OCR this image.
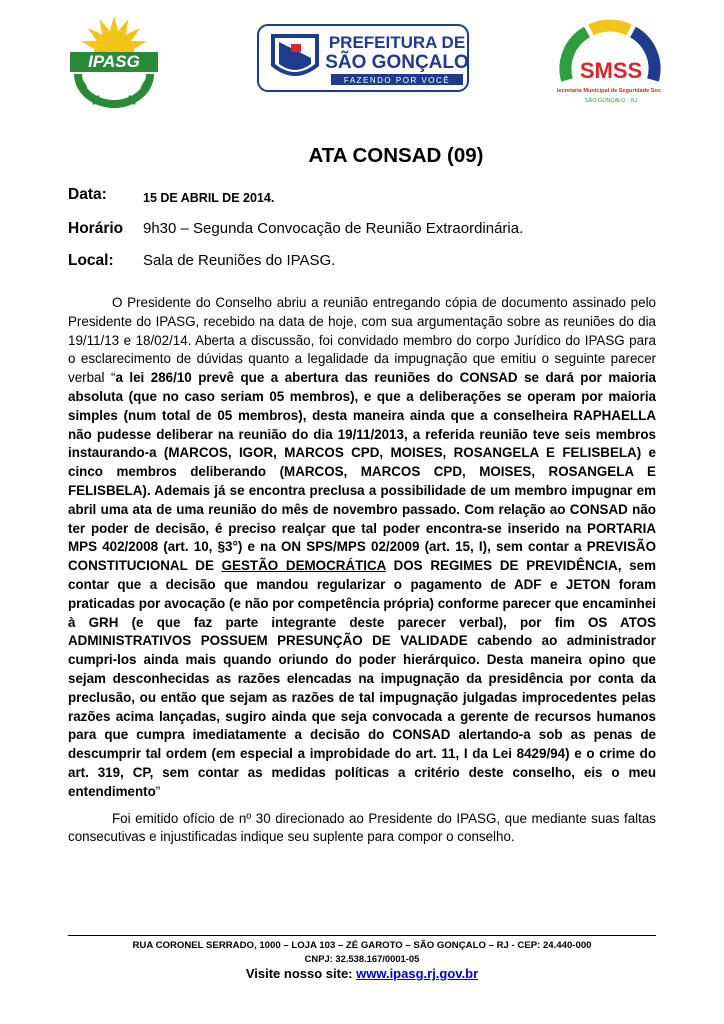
IPASG
PREFEITURA DE
SÃO GONÇALO
FAZENDO POR VOCÊ	SMSS
Secretaria Municipal de Seguridade Social
SÃO GONÇALO - RJ
ATA CONSAD (09)
Data:	15 DE ABRIL DE 2014.
Horário 9h30 – Segunda Convocação de Reunião Extraordinária.
Local: Sala de Reuniões do IPASG.

O Presidente do Conselho abriu a reunião entregando cópia de documento assinado pelo Presidente do IPASG, recebido na data de hoje, com sua argumentação sobre as reuniões do dia 19/11/13 e 18/02/14. Aberta a discussão, foi convidado membro do corpo Jurídico do IPASG para o esclarecimento de dúvidas quanto a legalidade da impugnação que emitiu o seguinte parecer verbal “a lei 286/10 prevê que a abertura das reuniões do CONSAD se dará por maioria absoluta (que no caso seriam 05 membros), e que a deliberações se operam por maioria simples (num total de 05 membros), desta maneira ainda que a conselheira RAPHAELLA não pudesse deliberar na reunião do dia 19/11/2013, a referida reunião teve seis membros instaurando-a (MARCOS, IGOR, MARCOS CPD, MOISES, ROSANGELA E FELISBELA) e cinco membros deliberando (MARCOS, MARCOS CPD, MOISES, ROSANGELA E FELISBELA). Ademais já se encontra preclusa a possibilidade de um membro impugnar em abril uma ata de uma reunião do mês de novembro passado. Com relação ao CONSAD não ter poder de decisão, é preciso realçar que tal poder encontra-se inserido na PORTARIA MPS 402/2008 (art. 10, §3°) e na ON SPS/MPS 02/2009 (art. 15, I), sem contar a PREVISÃO CONSTITUCIONAL DE GESTÃO DEMOCRÁTICA DOS REGIMES DE PREVIDÊNCIA, sem contar que a decisão que mandou regularizar o pagamento de ADF e JETON foram praticadas por avocação (e não por competência própria) conforme parecer que encaminhei à GRH (e que faz parte integrante deste parecer verbal), por fim OS ATOS ADMINISTRATIVOS POSSUEM PRESUNÇÃO DE VALIDADE cabendo ao administrador cumpri-los ainda mais quando oriundo do poder hierárquico. Desta maneira opino que sejam desconhecidas as razões elencadas na impugnação da presidência por conta da preclusão, ou então que sejam as razões de tal impugnação julgadas improcedentes pelas razões acima lançadas, sugiro ainda que seja convocada a gerente de recursos humanos para que cumpra imediatamente a decisão do CONSAD alertando-a sob as penas de descumprir tal ordem (em especial a improbidade do art. 11, I da Lei 8429/94) e o crime do art. 319, CP, sem contar as medidas políticas a critério deste conselho, eis o meu entendimento”

Foi emitido ofício de nº 30 direcionado ao Presidente do IPASG, que mediante suas faltas consecutivas e injustificadas indique seu suplente para compor o conselho.

RUA CORONEL SERRADO, 1000 – LOJA 103 – ZÉ GAROTO – SÃO GONÇALO – RJ - CEP: 24.440-000
CNPJ: 32.538.167/0001-05
Visite nosso site: www.ipasg.rj.gov.br
